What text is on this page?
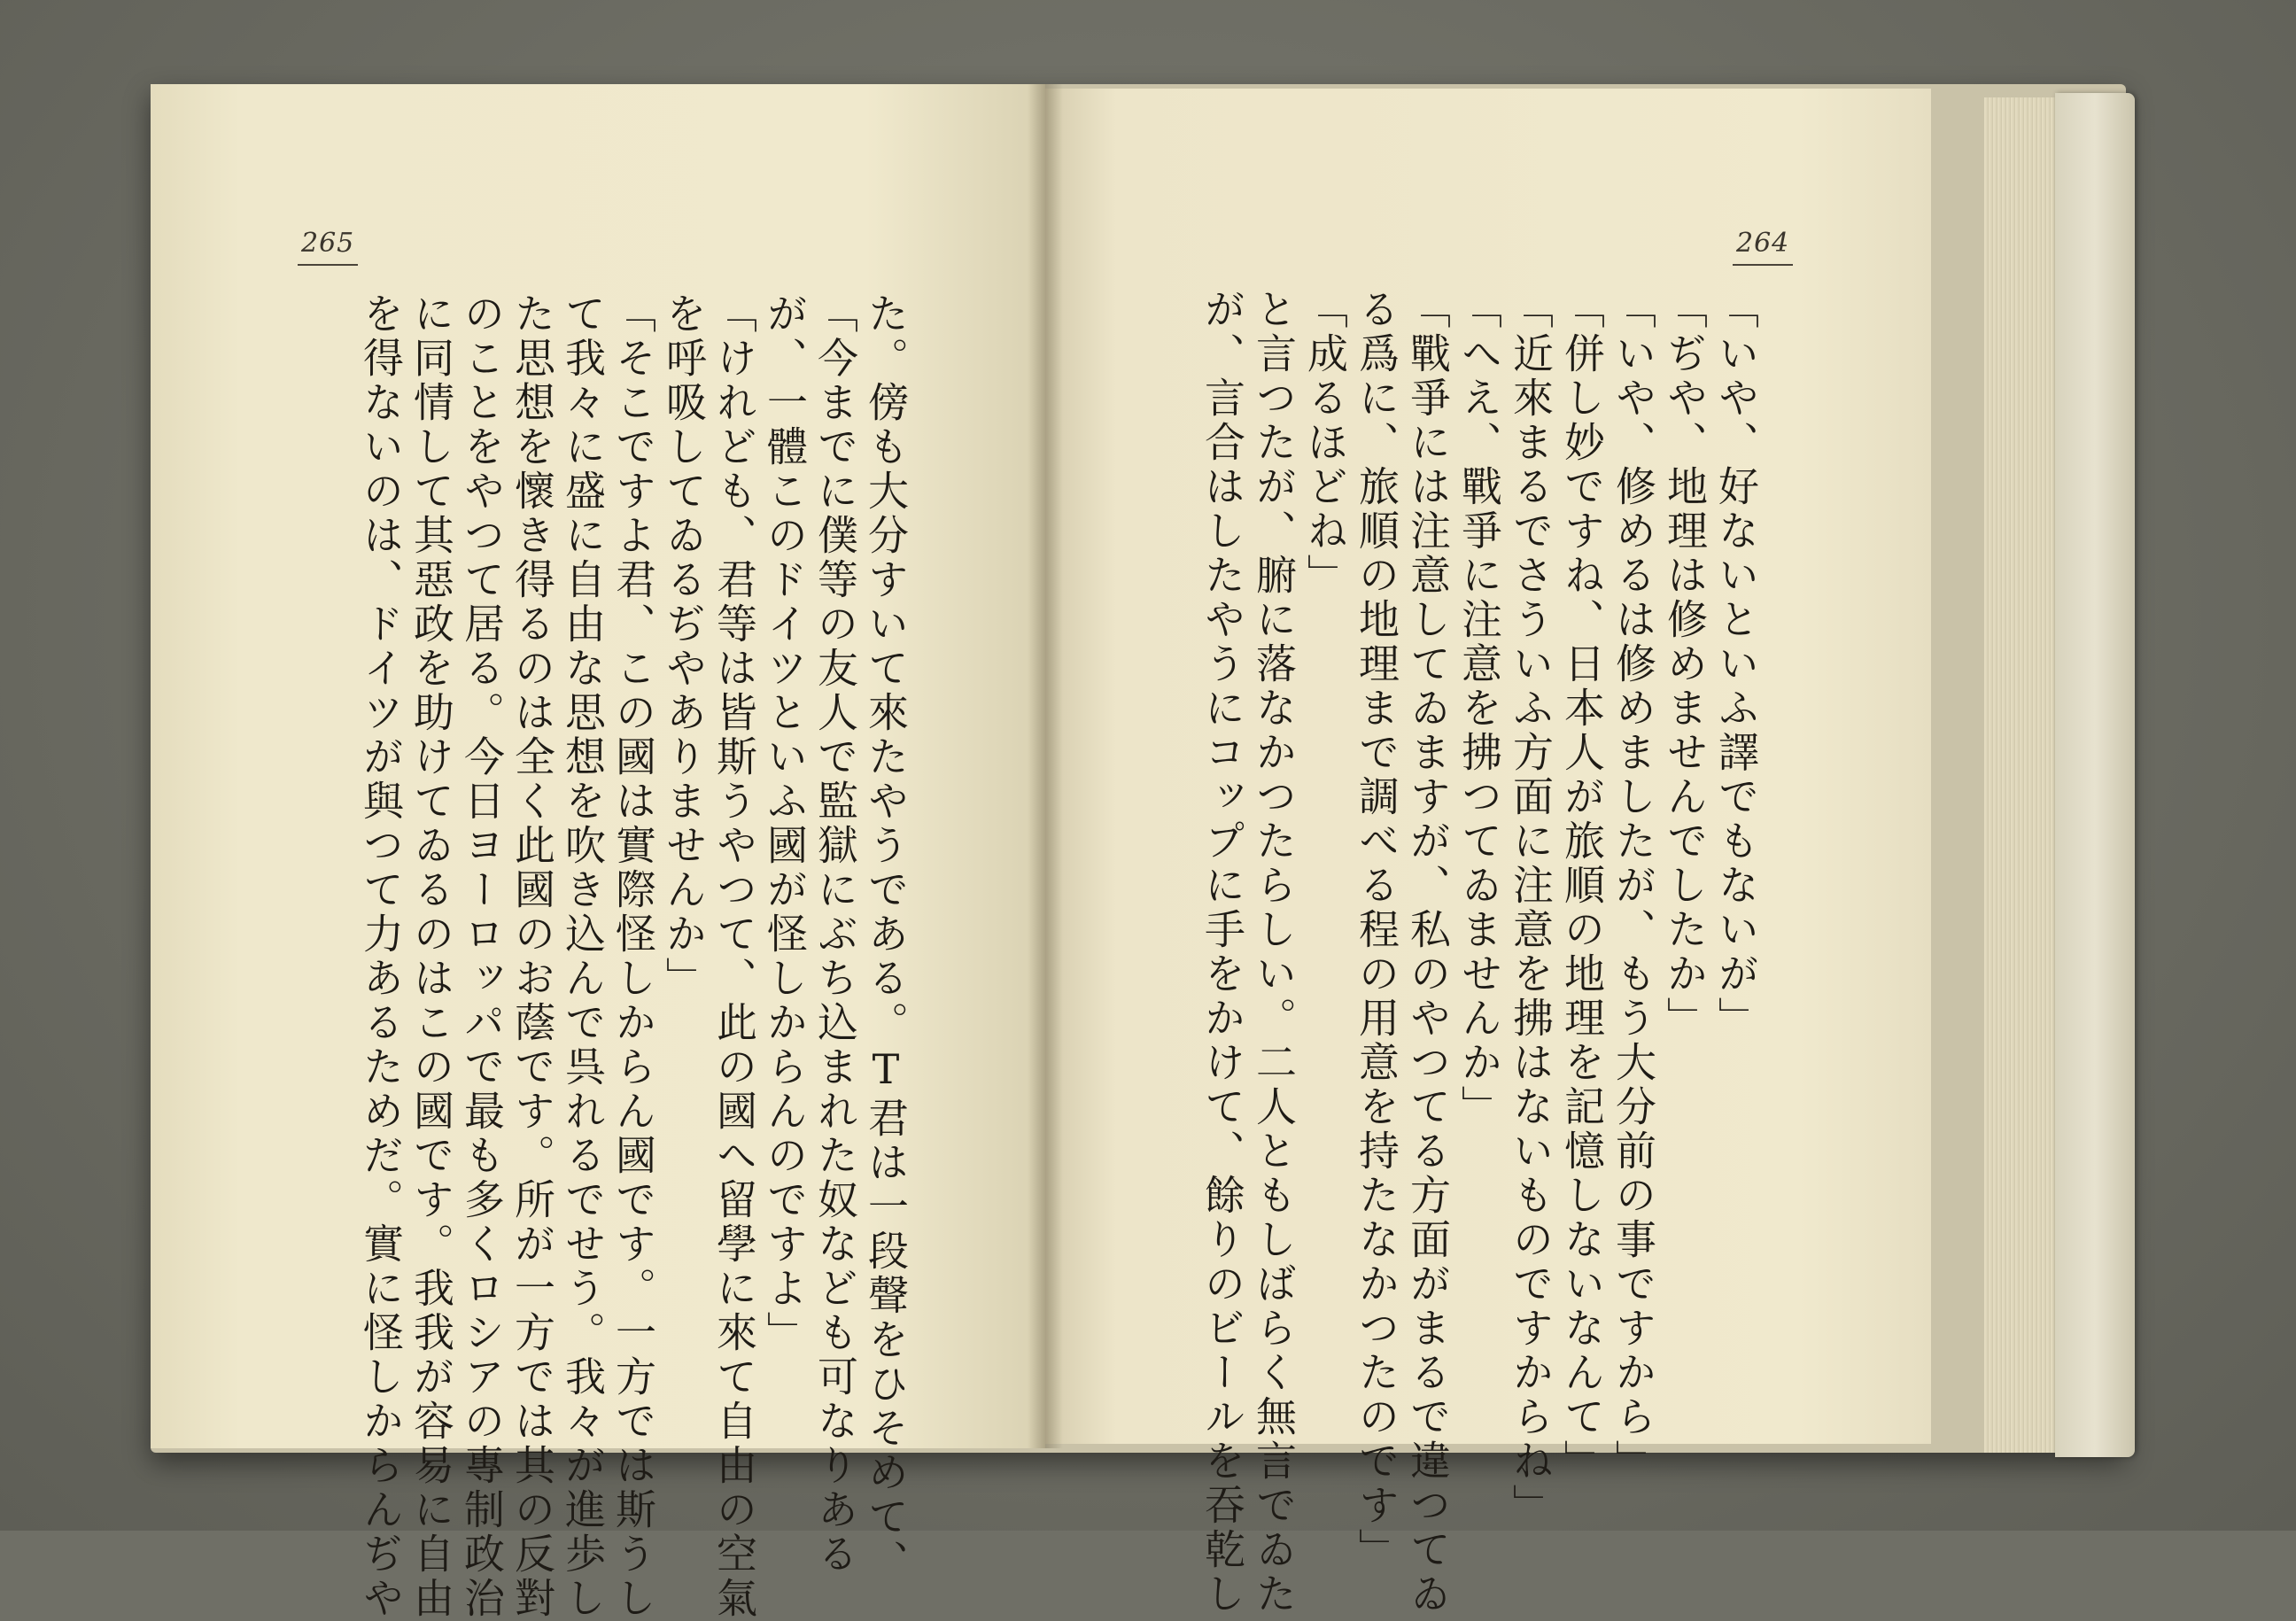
265
た。傍も大分すいて來たやうである。T君は一段聲をひそめて、
「今までに僕等の友人で監獄にぶち込まれた奴なども可なりある
が、一體このドイツといふ國が怪しからんのですよ」
「けれども、君等は皆斯うやつて、此の國へ留學に來て自由の空氣
を呼吸してゐるぢやありませんか」
「そこですよ君、この國は實際怪しからん國です。一方では斯うし
て我々に盛に自由な思想を吹き込んで呉れるでせう。我々が進歩し
た思想を懷き得るのは全く此國のお蔭です。所が一方では其の反對
のことをやつて居る。今日ヨーロッパで最も多くロシアの專制政治
に同情して其惡政を助けてゐるのはこの國です。我我が容易に自由
を得ないのは、ドイツが與つて力あるためだ。實に怪しからんぢや
264
「いや、好ないといふ譯でもないが」
「ぢや、地理は修めませんでしたか」
「いや、修めるは修めましたが、もう大分前の事ですから」
「併し妙ですね、日本人が旅順の地理を記憶しないなんて」
「近來まるでさういふ方面に注意を拂はないものですからね」
「へえ、戰爭に注意を拂つてゐませんか」
「戰爭には注意してゐますが、私のやつてる方面がまるで違つてゐ
る爲に、旅順の地理まで調べる程の用意を持たなかつたのです」
「成るほどね」
と言つたが、腑に落なかつたらしい。二人ともしばらく無言でゐた
が、言合はしたやうにコップに手をかけて、餘りのビールを吞乾し
